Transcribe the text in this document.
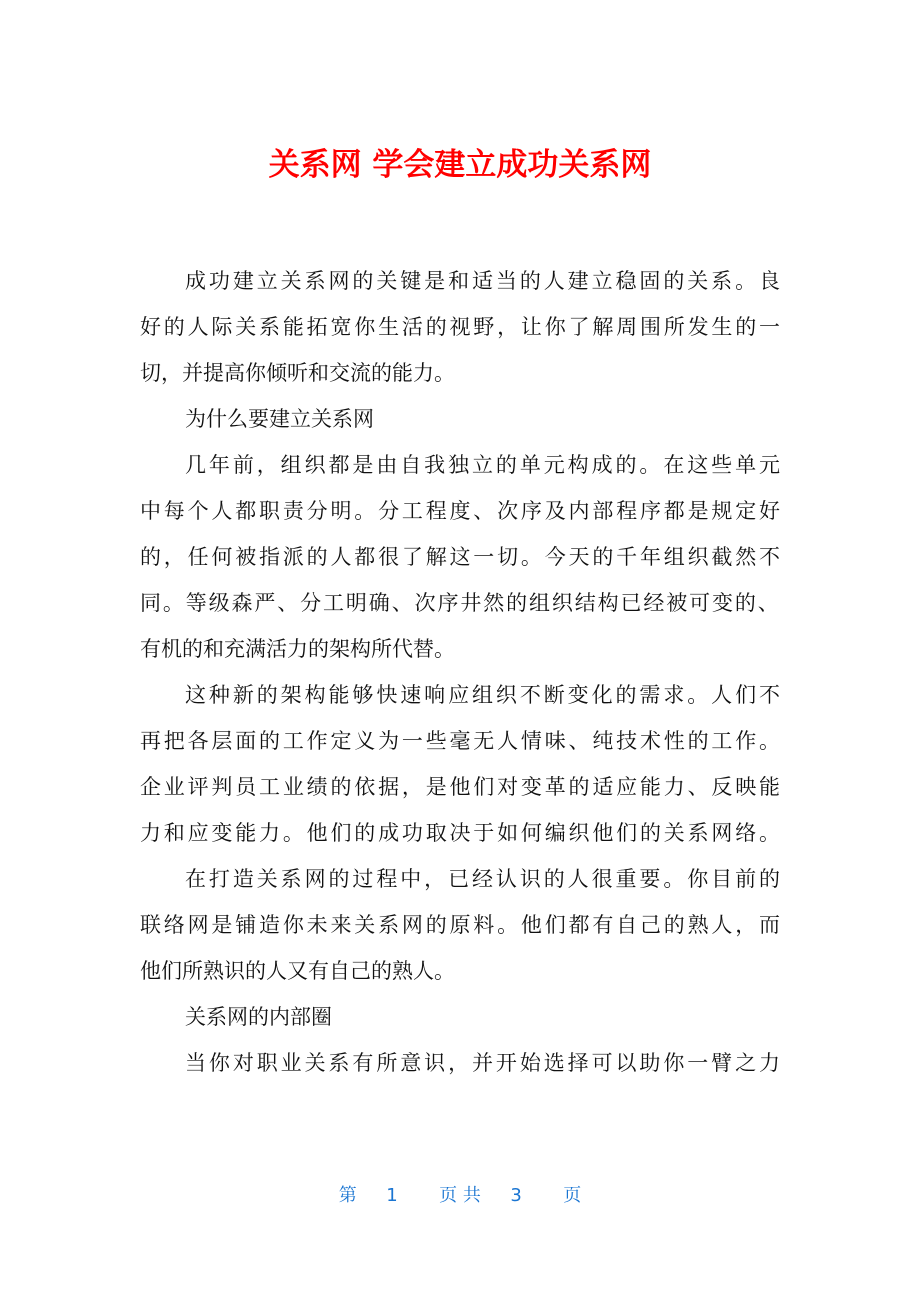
关系网 学会建立成功关系网
成功建立关系网的关键是和适当的人建立稳固的关系。良
好的人际关系能拓宽你生活的视野，让你了解周围所发生的一
切，并提高你倾听和交流的能力。
为什么要建立关系网
几年前，组织都是由自我独立的单元构成的。在这些单元
中每个人都职责分明。分工程度、次序及内部程序都是规定好
的，任何被指派的人都很了解这一切。今天的千年组织截然不
同。等级森严、分工明确、次序井然的组织结构已经被可变的、
有机的和充满活力的架构所代替。
这种新的架构能够快速响应组织不断变化的需求。人们不
再把各层面的工作定义为一些毫无人情味、纯技术性的工作。
企业评判员工业绩的依据，是他们对变革的适应能力、反映能
力和应变能力。他们的成功取决于如何编织他们的关系网络。
在打造关系网的过程中，已经认识的人很重要。你目前的
联络网是铺造你未来关系网的原料。他们都有自己的熟人，而
他们所熟识的人又有自己的熟人。
关系网的内部圈
当你对职业关系有所意识，并开始选择可以助你一臂之力
第 1 页 共 3 页
